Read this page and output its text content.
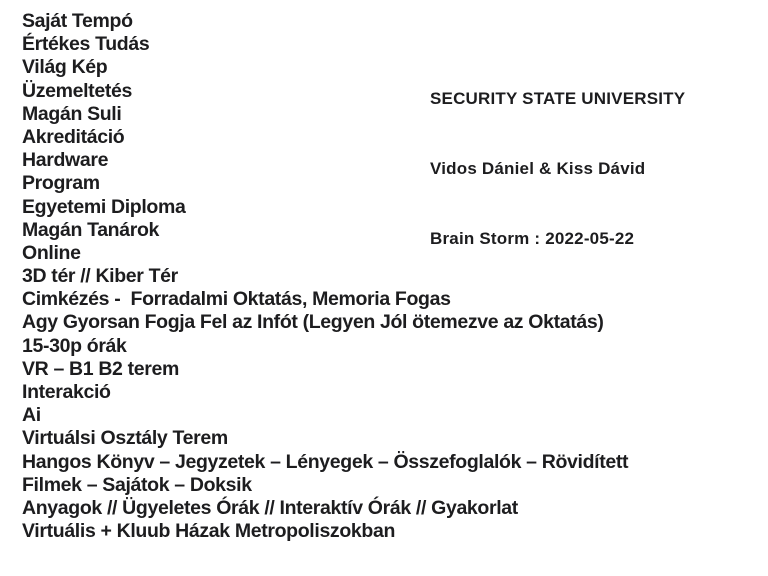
Saját Tempó
Értékes Tudás
Világ Kép
Üzemeltetés
Magán Suli
Akreditáció
Hardware
Program
Egyetemi Diploma
Magán Tanárok
Online
3D tér // Kiber Tér
Cimkézés -  Forradalmi Oktatás, Memoria Fogas
Agy Gyorsan Fogja Fel az Infót (Legyen Jól ötemezve az Oktatás)
15-30p órák
VR – B1 B2 terem
Interakció
Ai
Virtuálsi Osztály Terem
Hangos Könyv – Jegyzetek – Lényegek – Összefoglalók – Rövidített
Filmek – Sajátok – Doksik
Anyagok // Ügyeletes Órák // Interaktív Órák // Gyakorlat
Virtuális + Kluub Házak Metropoliszokban

SECURITY STATE UNIVERSITY

Vidos Dániel & Kiss Dávid

Brain Storm : 2022-05-22
